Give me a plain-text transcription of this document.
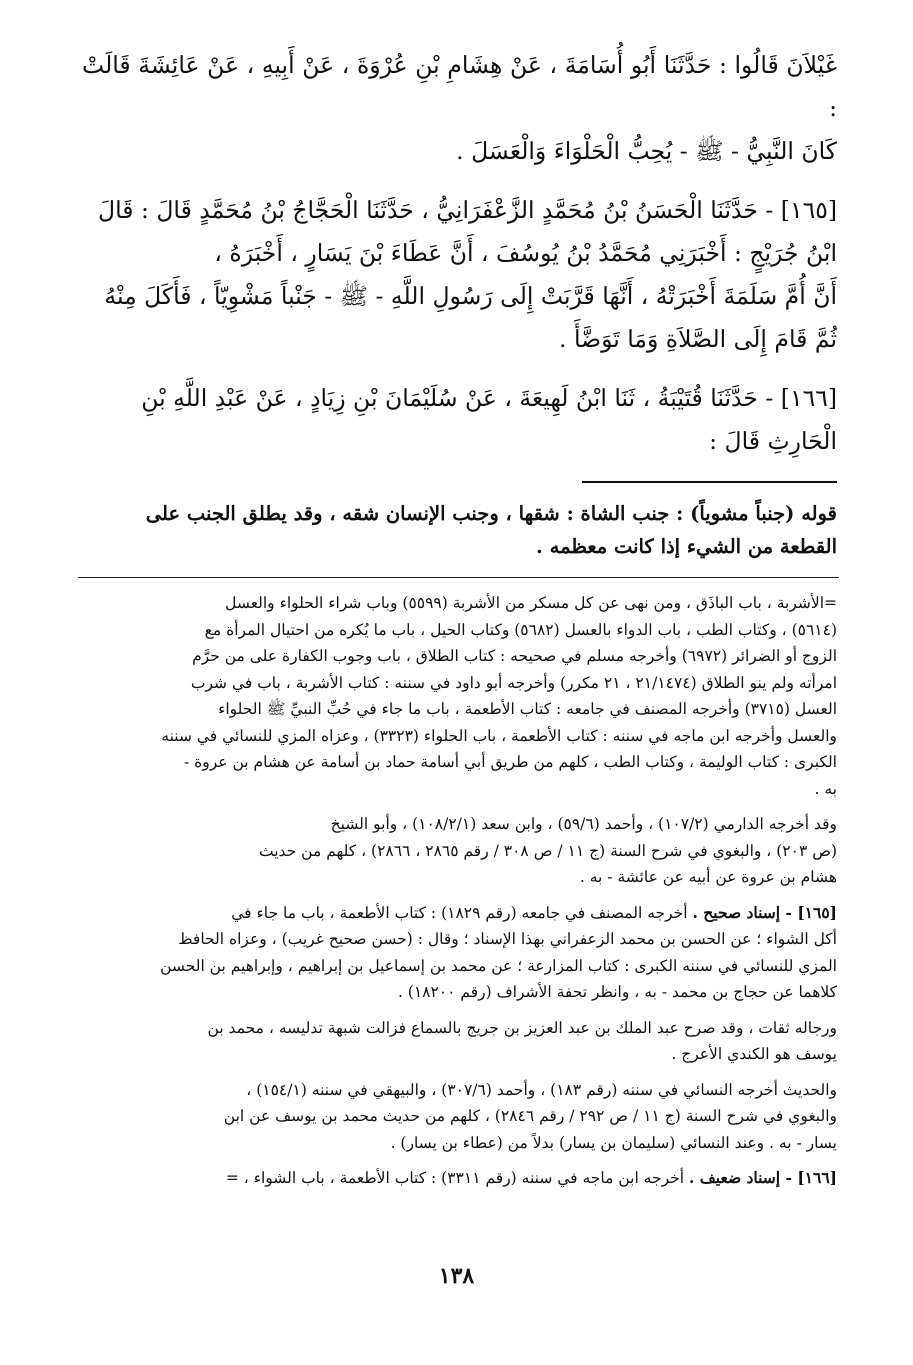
غَيْلاَنَ قَالُوا : حَدَّثَنَا أَبُو أُسَامَةَ ، عَنْ هِشَامِ بْنِ عُرْوَةَ ، عَنْ أَبِيهِ ، عَنْ عَائِشَةَ قَالَتْ :
كَانَ النَّبِيُّ - ﷺ - يُحِبُّ الْحَلْوَاءَ وَالْعَسَلَ .

[١٦٥] - حَدَّثَنَا الْحَسَنُ بْنُ مُحَمَّدٍ الزَّعْفَرَانِيُّ ، حَدَّثَنَا الْحَجَّاجُ بْنُ مُحَمَّدٍ قَالَ : قَالَ
ابْنُ جُرَيْجٍ : أَخْبَرَنِي مُحَمَّدُ بْنُ يُوسُفَ ، أَنَّ عَطَاءَ بْنَ يَسَارٍ ، أَخْبَرَهُ ،
أَنَّ أُمَّ سَلَمَةَ أَخْبَرَتْهُ ، أَنَّهَا قَرَّبَتْ إِلَى رَسُولِ اللَّهِ - ﷺ - جَنْباً مَشْوِيّاً ، فَأَكَلَ مِنْهُ
ثُمَّ قَامَ إِلَى الصَّلاَةِ وَمَا تَوَضَّأَ .

[١٦٦] - حَدَّثَنَا قُتَيْبَةُ ، ثَنَا ابْنُ لَهِيعَةَ ، عَنْ سُلَيْمَانَ بْنِ زِيَادٍ ، عَنْ عَبْدِ اللَّهِ بْنِ
الْحَارِثِ قَالَ :

قوله (جنباً مشوياً) : جنب الشاة : شقها ، وجنب الإنسان شقه ، وقد يطلق الجنب على
القطعة من الشيء إذا كانت معظمه .

=الأشربة ، باب الباذَق ، ومن نهى عن كل مسكر من الأشربة (٥٥٩٩) وباب شراء الحلواء والعسل
(٥٦١٤) ، وكتاب الطب ، باب الدواء بالعسل (٥٦٨٢) وكتاب الحيل ، باب ما يُكره من احتيال المرأة مع
الزوج أو الضرائر (٦٩٧٢) وأخرجه مسلم في صحيحه : كتاب الطلاق ، باب وجوب الكفارة على من حرَّم
امرأته ولم ينو الطلاق (٢١/١٤٧٤ ، ٢١ مكرر) وأخرجه أبو داود في سننه : كتاب الأشربة ، باب في شرب
العسل (٣٧١٥) وأخرجه المصنف في جامعه : كتاب الأطعمة ، باب ما جاء في حُبِّ النبيِّ ﷺ الحلواء
والعسل وأخرجه ابن ماجه في سننه : كتاب الأطعمة ، باب الحلواء (٣٣٢٣) ، وعزاه المزي للنسائي في سننه
الكبرى : كتاب الوليمة ، وكتاب الطب ، كلهم من طريق أبي أسامة حماد بن أسامة عن هشام بن عروة -
به .

وقد أخرجه الدارمي (١٠٧/٢) ، وأحمد (٥٩/٦) ، وابن سعد (١٠٨/٢/١) ، وأبو الشيخ
(ص ٢٠٣) ، والبغوي في شرح السنة (ج ١١ / ص ٣٠٨ / رقم ٢٨٦٥ ، ٢٨٦٦) ، كلهم من حديث
هشام بن عروة عن أبيه عن عائشة - به .

[١٦٥] - إسناد صحيح . أخرجه المصنف في جامعه (رقم ١٨٢٩) : كتاب الأطعمة ، باب ما جاء في
أكل الشواء ؛ عن الحسن بن محمد الزعفراني بهذا الإسناد ؛ وقال : (حسن صحيح غريب) ، وعزاه الحافظ
المزي للنسائي في سننه الكبرى : كتاب المزارعة ؛ عن محمد بن إسماعيل بن إبراهيم ، وإبراهيم بن الحسن
كلاهما عن حجاج بن محمد - به ، وانظر تحفة الأشراف (رقم ١٨٢٠٠) .

ورجاله ثقات ، وقد صرح عبد الملك بن عبد العزيز بن جريج بالسماع فزالت شبهة تدليسه ، محمد بن
يوسف هو الكندي الأعرج .

والحديث أخرجه النسائي في سننه (رقم ١٨٣) ، وأحمد (٣٠٧/٦) ، والبيهقي في سننه (١٥٤/١) ،
والبغوي في شرح السنة (ج ١١ / ص ٢٩٢ / رقم ٢٨٤٦) ، كلهم من حديث محمد بن يوسف عن ابن
يسار - به . وعند النسائي (سليمان بن يسار) بدلاً من (عطاء بن يسار) .

[١٦٦] - إسناد ضعيف . أخرجه ابن ماجه في سننه (رقم ٣٣١١) : كتاب الأطعمة ، باب الشواء ، =

١٣٨
